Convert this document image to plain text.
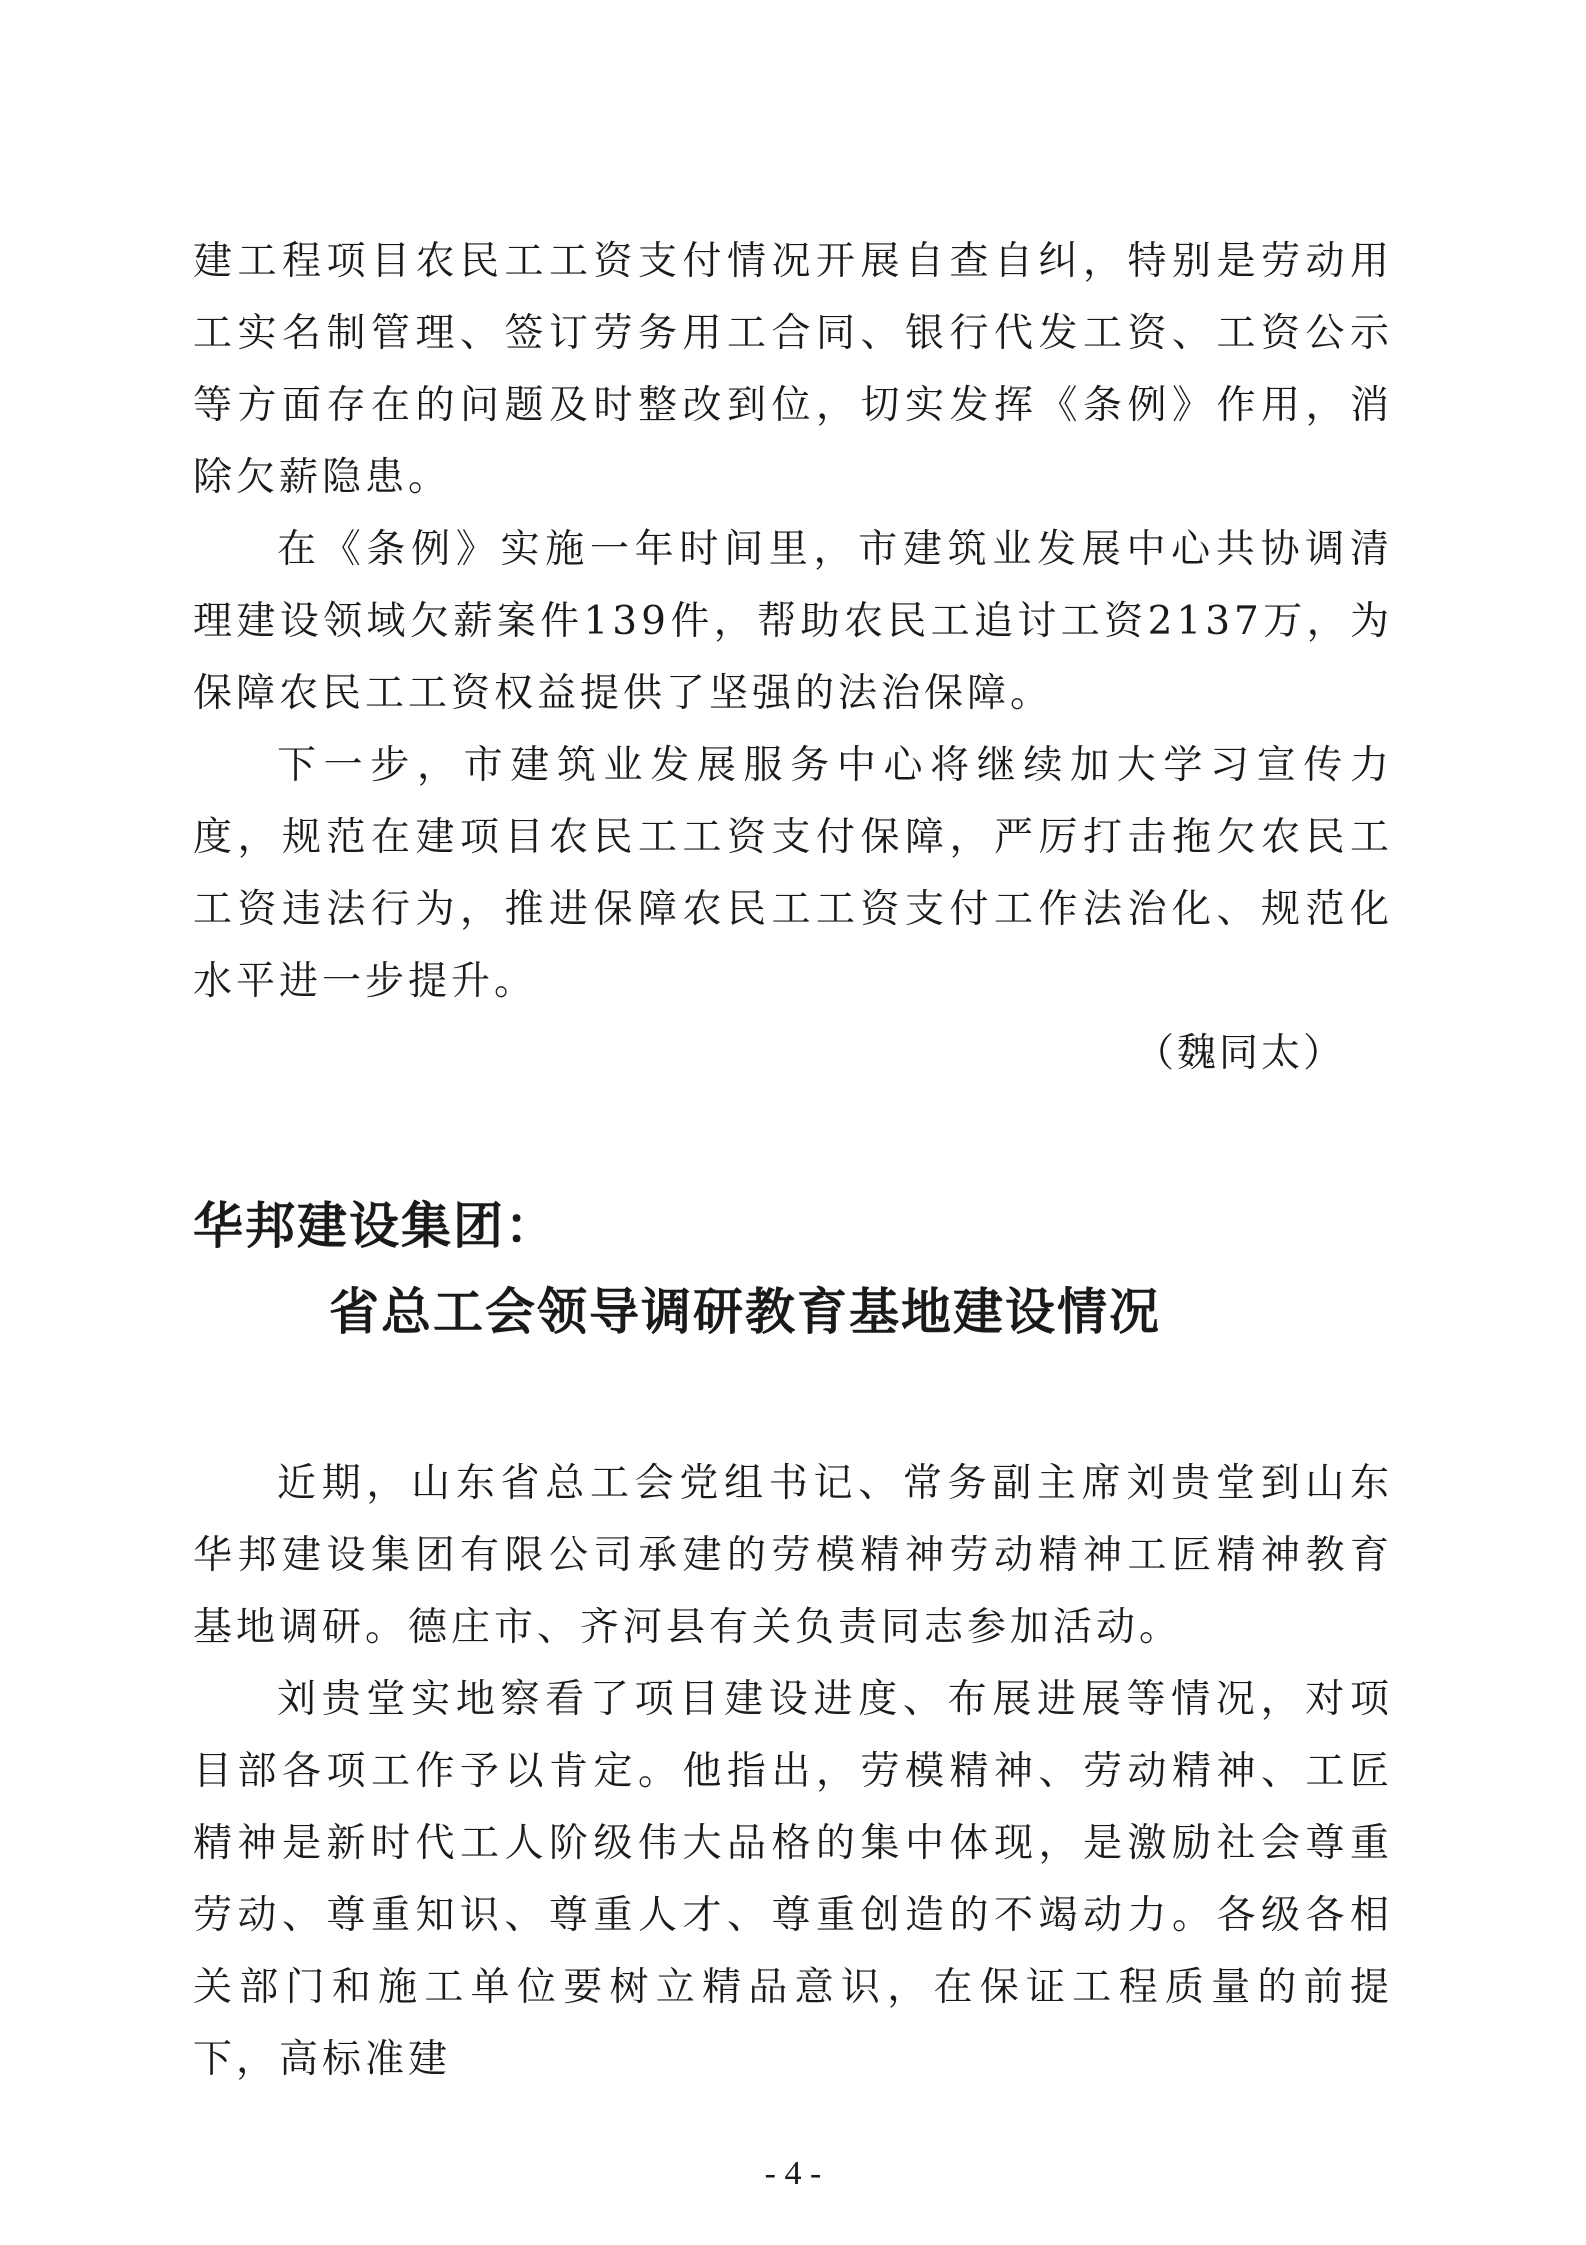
建工程项目农民工工资支付情况开展自查自纠，特别是劳动用工实名制管理、签订劳务用工合同、银行代发工资、工资公示等方面存在的问题及时整改到位，切实发挥《条例》作用，消除欠薪隐患。

在《条例》实施一年时间里，市建筑业发展中心共协调清理建设领域欠薪案件139件，帮助农民工追讨工资2137万，为保障农民工工资权益提供了坚强的法治保障。

下一步，市建筑业发展服务中心将继续加大学习宣传力度，规范在建项目农民工工资支付保障，严厉打击拖欠农民工工资违法行为，推进保障农民工工资支付工作法治化、规范化水平进一步提升。

（魏同太）

华邦建设集团：
省总工会领导调研教育基地建设情况

近期，山东省总工会党组书记、常务副主席刘贵堂到山东华邦建设集团有限公司承建的劳模精神劳动精神工匠精神教育基地调研。德庄市、齐河县有关负责同志参加活动。

刘贵堂实地察看了项目建设进度、布展进展等情况，对项目部各项工作予以肯定。他指出，劳模精神、劳动精神、工匠精神是新时代工人阶级伟大品格的集中体现，是激励社会尊重劳动、尊重知识、尊重人才、尊重创造的不竭动力。各级各相关部门和施工单位要树立精品意识，在保证工程质量的前提下，高标准建

- 4 -
